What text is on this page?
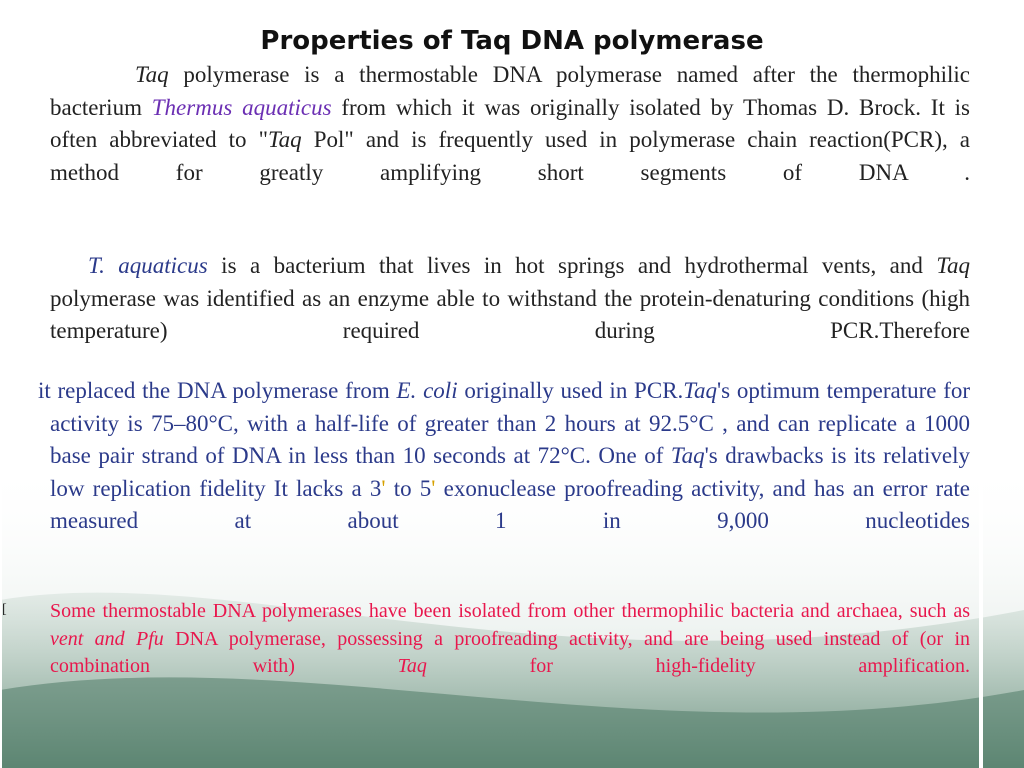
Properties of Taq DNA polymerase

Taq polymerase is a thermostable DNA polymerase named after the thermophilic bacterium Thermus aquaticus from which it was originally isolated by Thomas D. Brock. It is often abbreviated to "Taq Pol" and is frequently used in polymerase chain reaction(PCR), a method for greatly amplifying short segments of DNA .

T. aquaticus is a bacterium that lives in hot springs and hydrothermal vents, and Taq polymerase was identified as an enzyme able to withstand the protein-denaturing conditions (high temperature) required during PCR.Therefore

it replaced the DNA polymerase from E. coli originally used in PCR.Taq's optimum temperature for activity is 75–80°C, with a half-life of greater than 2 hours at 92.5°C , and can replicate a 1000 base pair strand of DNA in less than 10 seconds at 72°C. One of Taq's drawbacks is its relatively low replication fidelity It lacks a 3' to 5' exonuclease proofreading activity, and has an error rate measured at about 1 in 9,000 nucleotides

[ Some thermostable DNA polymerases have been isolated from other thermophilic bacteria and archaea, such as vent and Pfu DNA polymerase, possessing a proofreading activity, and are being used instead of (or in combination with) Taq for high-fidelity amplification.
